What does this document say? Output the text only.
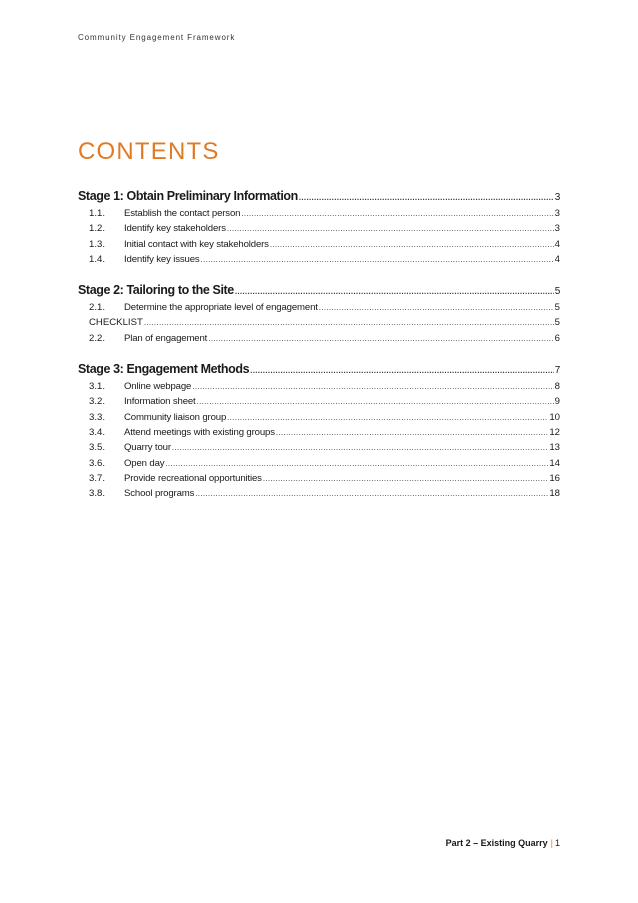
Community Engagement Framework
CONTENTS
Stage 1: Obtain Preliminary Information .....	3
1.1.	Establish the contact person .....	3
1.2.	Identify key stakeholders .....	3
1.3.	Initial contact with key stakeholders .....	4
1.4.	Identify key issues .....	4
Stage 2: Tailoring to the Site .....	5
2.1.	Determine the appropriate level of engagement .....	5
CHECKLIST .....	5
2.2.	Plan of engagement .....	6
Stage 3: Engagement Methods .....	7
3.1.	Online webpage .....	8
3.2.	Information sheet .....	9
3.3.	Community liaison group .....	10
3.4.	Attend meetings with existing groups .....	12
3.5.	Quarry tour .....	13
3.6.	Open day .....	14
3.7.	Provide recreational opportunities .....	16
3.8.	School programs .....	18
Part 2 – Existing Quarry | 1
